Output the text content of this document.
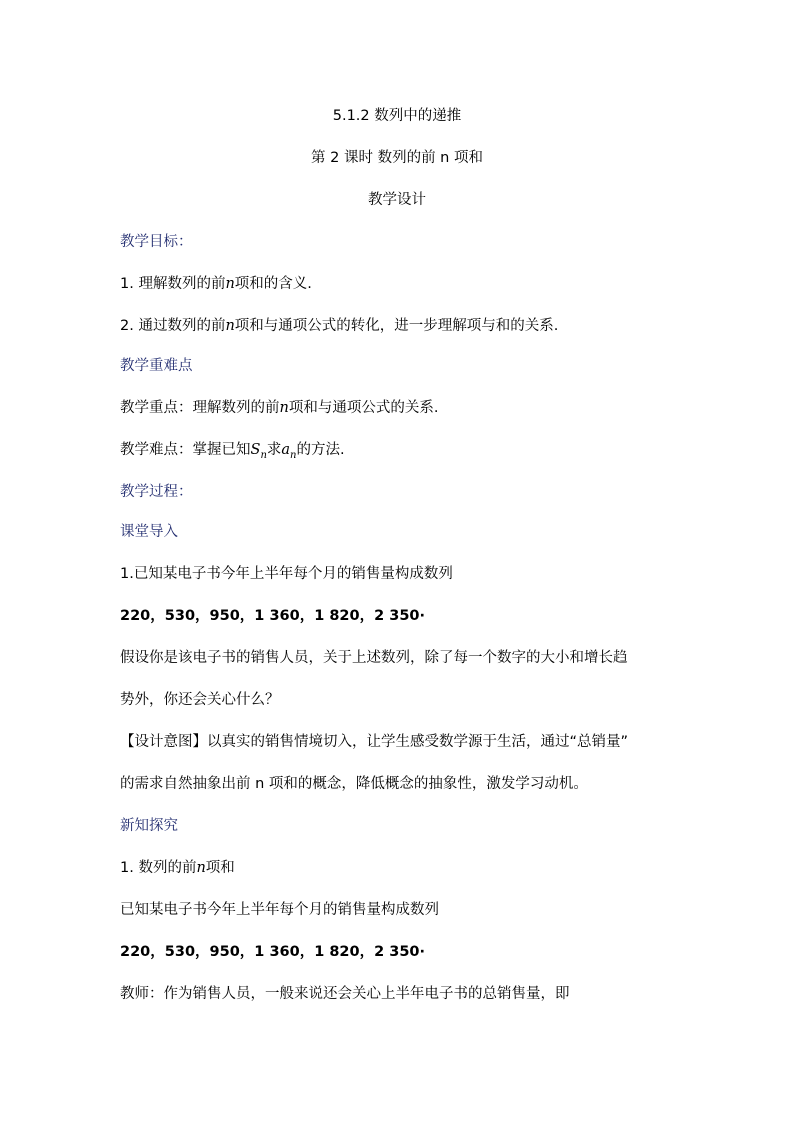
5.1.2 数列中的递推
第 2 课时 数列的前 n 项和
教学设计
教学目标：
1. 理解数列的前n项和的含义.
2. 通过数列的前n项和与通项公式的转化，进一步理解项与和的关系.
教学重难点
教学重点：理解数列的前n项和与通项公式的关系.
教学难点：掌握已知$S_n$求$a_n$的方法.
教学过程：
课堂导入
1.已知某电子书今年上半年每个月的销售量构成数列
220，530，950，1 360，1 820，2 350·
假设你是该电子书的销售人员，关于上述数列，除了每一个数字的大小和增长趋
势外，你还会关心什么？
【设计意图】以真实的销售情境切入，让学生感受数学源于生活，通过“总销量”
的需求自然抽象出前 n 项和的概念，降低概念的抽象性，激发学习动机。
新知探究
1. 数列的前n项和
已知某电子书今年上半年每个月的销售量构成数列
220，530，950，1 360，1 820，2 350·
教师：作为销售人员，一般来说还会关心上半年电子书的总销售量，即
